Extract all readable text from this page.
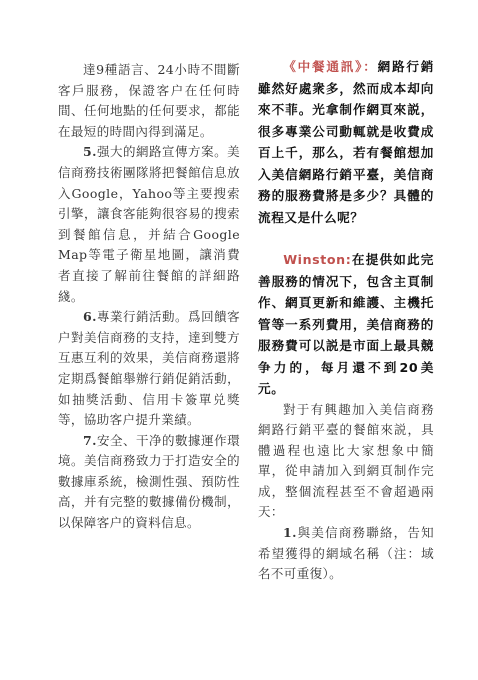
達9種語言、24小時不間斷客戶服務，保證客户在任何時間、任何地點的任何要求，都能在最短的時間內得到滿足。

5.强大的網路宣傳方案。美信商務技術團隊將把餐館信息放入Google，Yahoo等主要搜索引擎，讓食客能夠很容易的搜索到餐館信息，并結合Google Map等電子衛星地圖，讓消費者直接了解前往餐館的詳細路綫。

6.專業行銷活動。爲回饋客户對美信商務的支持，達到雙方互惠互利的效果，美信商務還將定期爲餐館舉辦行銷促銷活動，如抽獎活動、信用卡簽單兑獎等，協助客户提升業績。

7.安全、干净的數據運作環境。美信商務致力于打造安全的數據庫系統，檢測性强、預防性高，并有完整的數據備份機制，以保障客户的資料信息。

《中餐通訊》：網路行銷雖然好處衆多，然而成本却向來不菲。光拿制作網頁來説，很多專業公司動輒就是收費成百上千，那么，若有餐館想加入美信網路行銷平臺，美信商務的服務費將是多少？具體的流程又是什么呢？

Winston:在提供如此完善服務的情况下，包含主頁制作、網頁更新和維護、主機托管等一系列費用，美信商務的服務費可以説是市面上最具競争力的，每月還不到20美元。

對于有興趣加入美信商務網路行銷平臺的餐館來説，具體過程也遠比大家想象中簡單，從申請加入到網頁制作完成，整個流程甚至不會超過兩天：

1.與美信商務聯絡，告知希望獲得的網域名稱（注：域名不可重復）。
